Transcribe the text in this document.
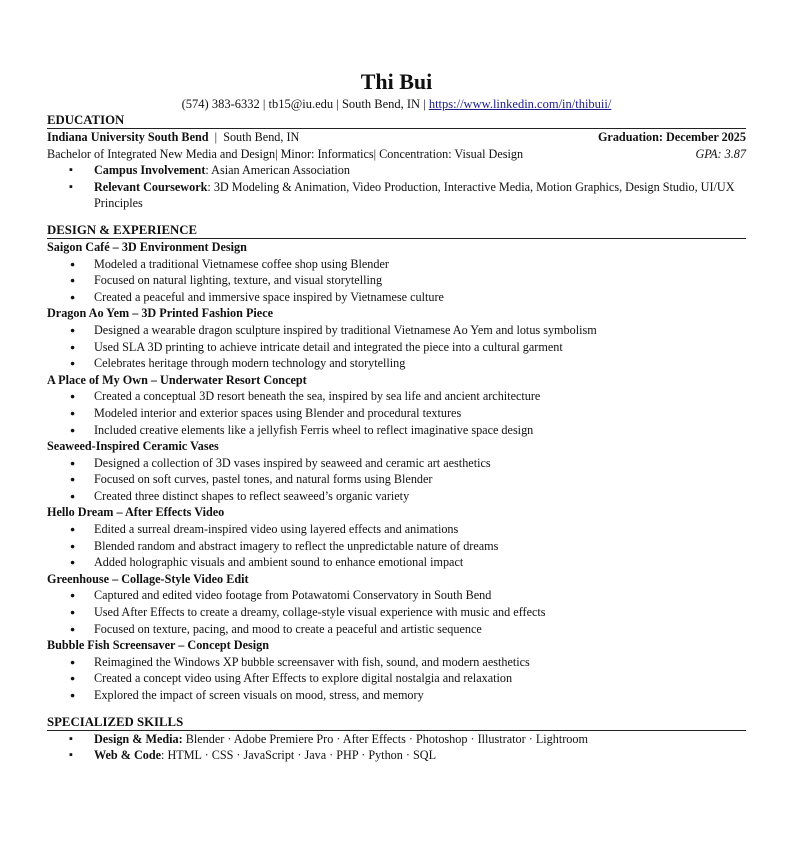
Thi Bui
(574) 383-6332 | tb15@iu.edu | South Bend, IN | https://www.linkedin.com/in/thibuii/
EDUCATION
Indiana University South Bend  |  South Bend, IN	Graduation: December 2025
Bachelor of Integrated New Media and Design| Minor: Informatics| Concentration: Visual Design	GPA: 3.87
▪ Campus Involvement: Asian American Association
▪ Relevant Coursework: 3D Modeling & Animation, Video Production, Interactive Media, Motion Graphics, Design Studio, UI/UX Principles
DESIGN & EXPERIENCE
Saigon Café – 3D Environment Design
● Modeled a traditional Vietnamese coffee shop using Blender
● Focused on natural lighting, texture, and visual storytelling
● Created a peaceful and immersive space inspired by Vietnamese culture
Dragon Ao Yem – 3D Printed Fashion Piece
● Designed a wearable dragon sculpture inspired by traditional Vietnamese Ao Yem and lotus symbolism
● Used SLA 3D printing to achieve intricate detail and integrated the piece into a cultural garment
● Celebrates heritage through modern technology and storytelling
A Place of My Own – Underwater Resort Concept
● Created a conceptual 3D resort beneath the sea, inspired by sea life and ancient architecture
● Modeled interior and exterior spaces using Blender and procedural textures
● Included creative elements like a jellyfish Ferris wheel to reflect imaginative space design
Seaweed-Inspired Ceramic Vases
● Designed a collection of 3D vases inspired by seaweed and ceramic art aesthetics
● Focused on soft curves, pastel tones, and natural forms using Blender
● Created three distinct shapes to reflect seaweed’s organic variety
Hello Dream – After Effects Video
● Edited a surreal dream-inspired video using layered effects and animations
● Blended random and abstract imagery to reflect the unpredictable nature of dreams
● Added holographic visuals and ambient sound to enhance emotional impact
Greenhouse – Collage-Style Video Edit
● Captured and edited video footage from Potawatomi Conservatory in South Bend
● Used After Effects to create a dreamy, collage-style visual experience with music and effects
● Focused on texture, pacing, and mood to create a peaceful and artistic sequence
Bubble Fish Screensaver – Concept Design
● Reimagined the Windows XP bubble screensaver with fish, sound, and modern aesthetics
● Created a concept video using After Effects to explore digital nostalgia and relaxation
● Explored the impact of screen visuals on mood, stress, and memory
SPECIALIZED SKILLS
▪ Design & Media: Blender · Adobe Premiere Pro · After Effects · Photoshop · Illustrator · Lightroom
▪ Web & Code: HTML · CSS · JavaScript · Java · PHP · Python · SQL
